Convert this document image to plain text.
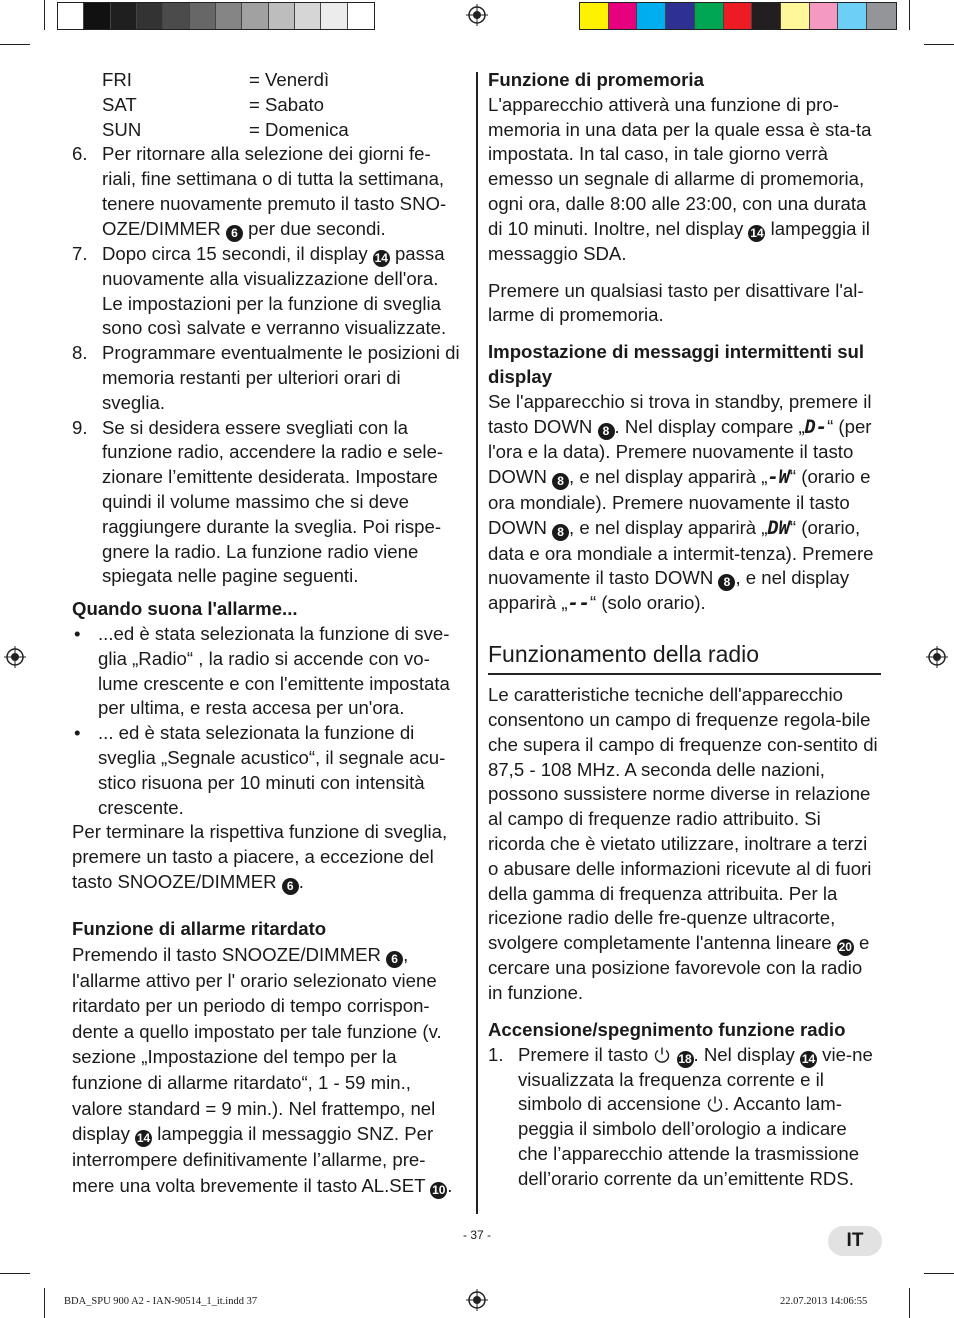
FRI	= Venerdì
SAT	= Sabato
SUN	= Domenica
6. Per ritornare alla selezione dei giorni fe-riali, fine settimana o di tutta la settimana, tenere nuovamente premuto il tasto SNO-OZE/DIMMER 6 per due secondi.
7. Dopo circa 15 secondi, il display 14 passa nuovamente alla visualizzazione dell'ora. Le impostazioni per la funzione di sveglia sono così salvate e verranno visualizzate.
8. Programmare eventualmente le posizioni di memoria restanti per ulteriori orari di sveglia.
9. Se si desidera essere svegliati con la funzione radio, accendere la radio e sele-zionare l’emittente desiderata. Impostare quindi il volume massimo che si deve raggiungere durante la sveglia. Poi rispe-gnere la radio. La funzione radio viene spiegata nelle pagine seguenti.

Quando suona l'allarme...

• ...ed è stata selezionata la funzione di sve-glia „Radio“ , la radio si accende con vo-lume crescente e con l'emittente impostata per ultima, e resta accesa per un'ora.
• ... ed è stata selezionata la funzione di sveglia „Segnale acustico“, il segnale acu-stico risuona per 10 minuti con intensità crescente.

Per terminare la rispettiva funzione di sveglia, premere un tasto a piacere, a eccezione del tasto SNOOZE/DIMMER 6 .

Funzione di allarme ritardato

Premendo il tasto SNOOZE/DIMMER 6 , l'allarme attivo per l' orario selezionato viene ritardato per un periodo di tempo corrispon-dente a quello impostato per tale funzione (v. sezione „Impostazione del tempo per la funzione di allarme ritardato“, 1 - 59 min., valore standard = 9 min.). Nel frattempo, nel display 14 lampeggia il messaggio SNZ. Per interrompere definitivamente l’allarme, pre-mere una volta brevemente il tasto AL.SET 10.

Funzione di promemoria

L'apparecchio attiverà una funzione di pro-memoria in una data per la quale essa è sta-ta impostata. In tal caso, in tale giorno verrà emesso un segnale di allarme di promemoria, ogni ora, dalle 8:00 alle 23:00, con una durata di 10 minuti. Inoltre, nel display 14 lampeggia il messaggio SDA.

Premere un qualsiasi tasto per disattivare l'al-larme di promemoria.

Impostazione di messaggi intermittenti sul display

Se l'apparecchio si trova in standby, premere il tasto DOWN 8 . Nel display compare „D-“ (per l'ora e la data). Premere nuovamente il tasto DOWN 8 , e nel display apparirà „-W“ (orario e ora mondiale). Premere nuovamente il tasto DOWN 8 , e nel display apparirà „DW“ (orario, data e ora mondiale a intermit-tenza). Premere nuovamente il tasto DOWN 8 , e nel display apparirà „--“ (solo orario).

Funzionamento della radio

Le caratteristiche tecniche dell'apparecchio consentono un campo di frequenze regola-bile che supera il campo di frequenze con-sentito di 87,5 - 108 MHz. A seconda delle nazioni, possono sussistere norme diverse in relazione al campo di frequenze radio attribuito. Si ricorda che è vietato utilizzare, inoltrare a terzi o abusare delle informazioni ricevute al di fuori della gamma di frequenza attribuita. Per la ricezione radio delle fre-quenze ultracorte, svolgere completamente l'antenna lineare 20 e cercare una posizione favorevole con la radio in funzione.

Accensione/spegnimento funzione radio

1. Premere il tasto  18. Nel display 14 vie-ne visualizzata la frequenza corrente e il simbolo di accensione . Accanto lam-peggia il simbolo dell’orologio a indicare che l’apparecchio attende la trasmissione dell’orario corrente da un’emittente RDS.
- 37 -	IT
BDA_SPU 900 A2 - IAN-90514_1_it.indd 37	22.07.2013 14:06:55
